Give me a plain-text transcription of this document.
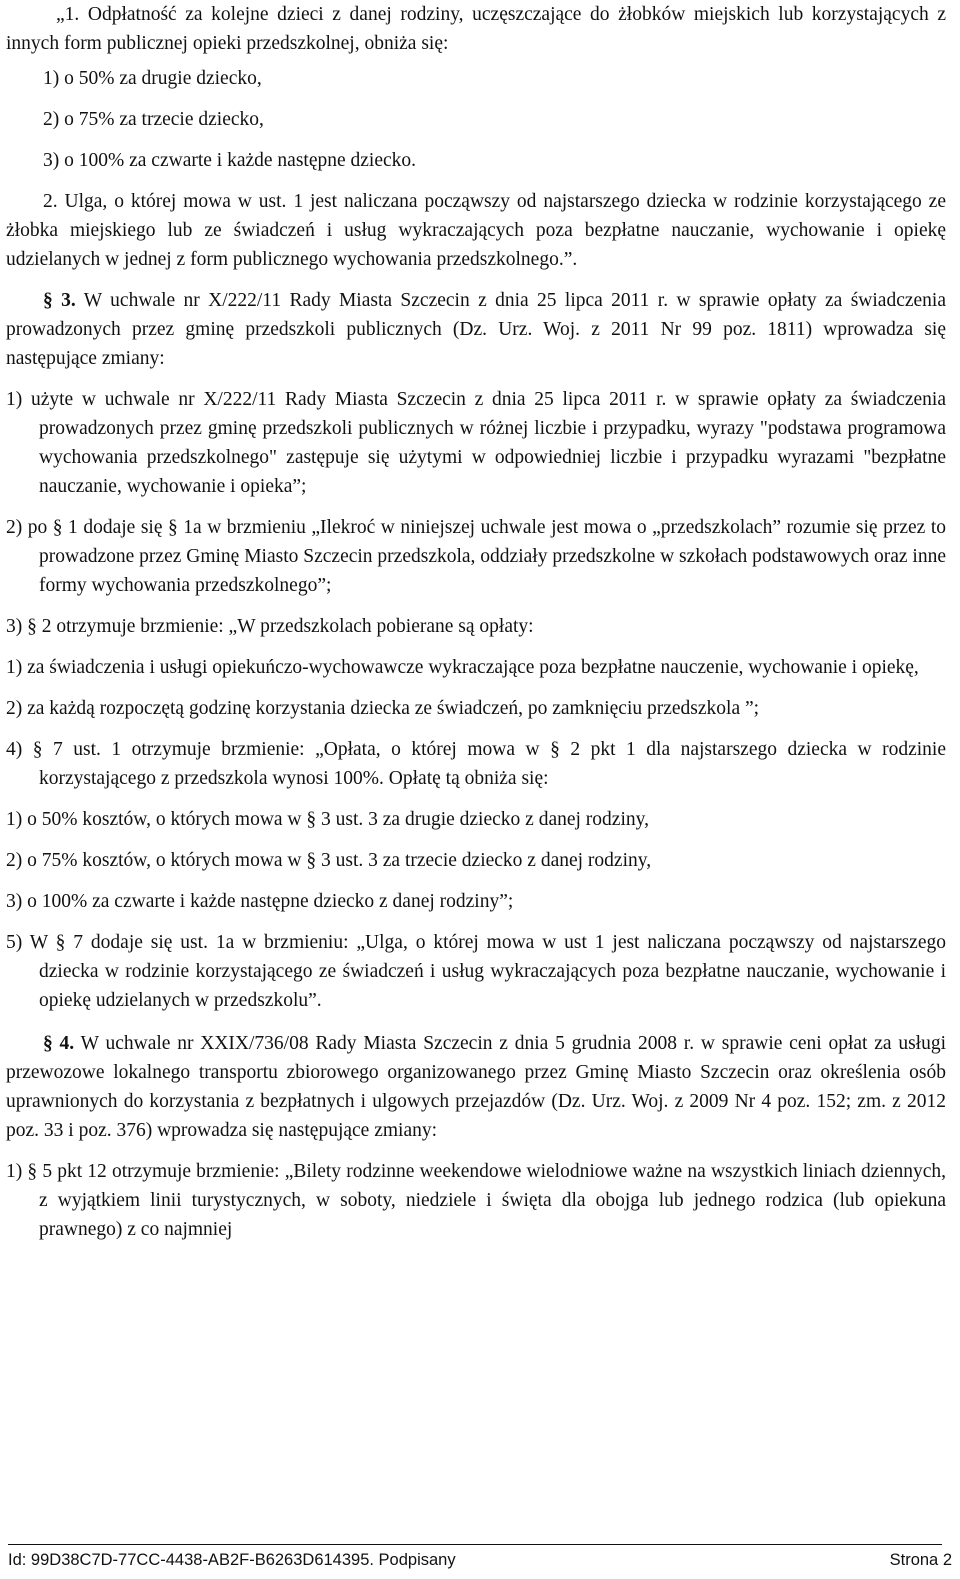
„1. Odpłatność za kolejne dzieci z danej rodziny, uczęszczające do żłobków miejskich lub korzystających z innych form publicznej opieki przedszkolnej, obniża się:

1) o 50% za drugie dziecko,

2) o 75% za trzecie dziecko,

3) o 100% za czwarte i każde następne dziecko.

2. Ulga, o której mowa w ust. 1 jest naliczana począwszy od najstarszego dziecka w rodzinie korzystającego ze żłobka miejskiego lub ze świadczeń i usług wykraczających poza bezpłatne nauczanie, wychowanie i opiekę udzielanych w jednej z form publicznego wychowania przedszkolnego.”.

§ 3. W uchwale nr X/222/11 Rady Miasta Szczecin z dnia 25 lipca 2011 r. w sprawie opłaty za świadczenia prowadzonych przez gminę przedszkoli publicznych (Dz. Urz. Woj. z 2011 Nr 99 poz. 1811) wprowadza się następujące zmiany:

1) użyte w uchwale nr X/222/11 Rady Miasta Szczecin z dnia 25 lipca 2011 r. w sprawie opłaty za świadczenia prowadzonych przez gminę przedszkoli publicznych w różnej liczbie i przypadku, wyrazy "podstawa programowa wychowania przedszkolnego" zastępuje się użytymi w odpowiedniej liczbie i przypadku wyrazami "bezpłatne nauczanie, wychowanie i opieka”;

2) po § 1 dodaje się § 1a w brzmieniu „Ilekroć w niniejszej uchwale jest mowa o „przedszkolach” rozumie się przez to prowadzone przez Gminę Miasto Szczecin przedszkola, oddziały przedszkolne w szkołach podstawowych oraz inne formy wychowania przedszkolnego”;

3) § 2 otrzymuje brzmienie: „W przedszkolach pobierane są opłaty:

1) za świadczenia i usługi opiekuńczo-wychowawcze wykraczające poza bezpłatne nauczenie, wychowanie i opiekę,

2) za każdą rozpoczętą godzinę korzystania dziecka ze świadczeń, po zamknięciu przedszkola ”;

4) § 7 ust. 1 otrzymuje brzmienie: „Opłata, o której mowa w § 2 pkt 1 dla najstarszego dziecka w rodzinie korzystającego z przedszkola wynosi 100%. Opłatę tą obniża się:

1) o 50% kosztów, o których mowa w § 3 ust. 3 za drugie dziecko z danej rodziny,

2) o 75% kosztów, o których mowa w § 3 ust. 3 za trzecie dziecko z danej rodziny,

3) o 100% za czwarte i każde następne dziecko z danej rodziny”;

5) W § 7 dodaje się ust. 1a w brzmieniu: „Ulga, o której mowa w ust 1 jest naliczana począwszy od najstarszego dziecka w rodzinie korzystającego ze świadczeń i usług wykraczających poza bezpłatne nauczanie, wychowanie i opiekę udzielanych w przedszkolu”.

§ 4. W uchwale nr XXIX/736/08 Rady Miasta Szczecin z dnia 5 grudnia 2008 r. w sprawie ceni opłat za usługi przewozowe lokalnego transportu zbiorowego organizowanego przez Gminę Miasto Szczecin oraz określenia osób uprawnionych do korzystania z bezpłatnych i ulgowych przejazdów (Dz. Urz. Woj. z 2009 Nr 4 poz. 152; zm. z 2012 poz. 33 i poz. 376) wprowadza się następujące zmiany:

1) § 5 pkt 12 otrzymuje brzmienie: „Bilety rodzinne weekendowe wielodniowe ważne na wszystkich liniach dziennych, z wyjątkiem linii turystycznych, w soboty, niedziele i święta dla obojga lub jednego rodzica (lub opiekuna prawnego) z co najmniej

Id: 99D38C7D-77CC-4438-AB2F-B6263D614395. Podpisany	Strona 2
